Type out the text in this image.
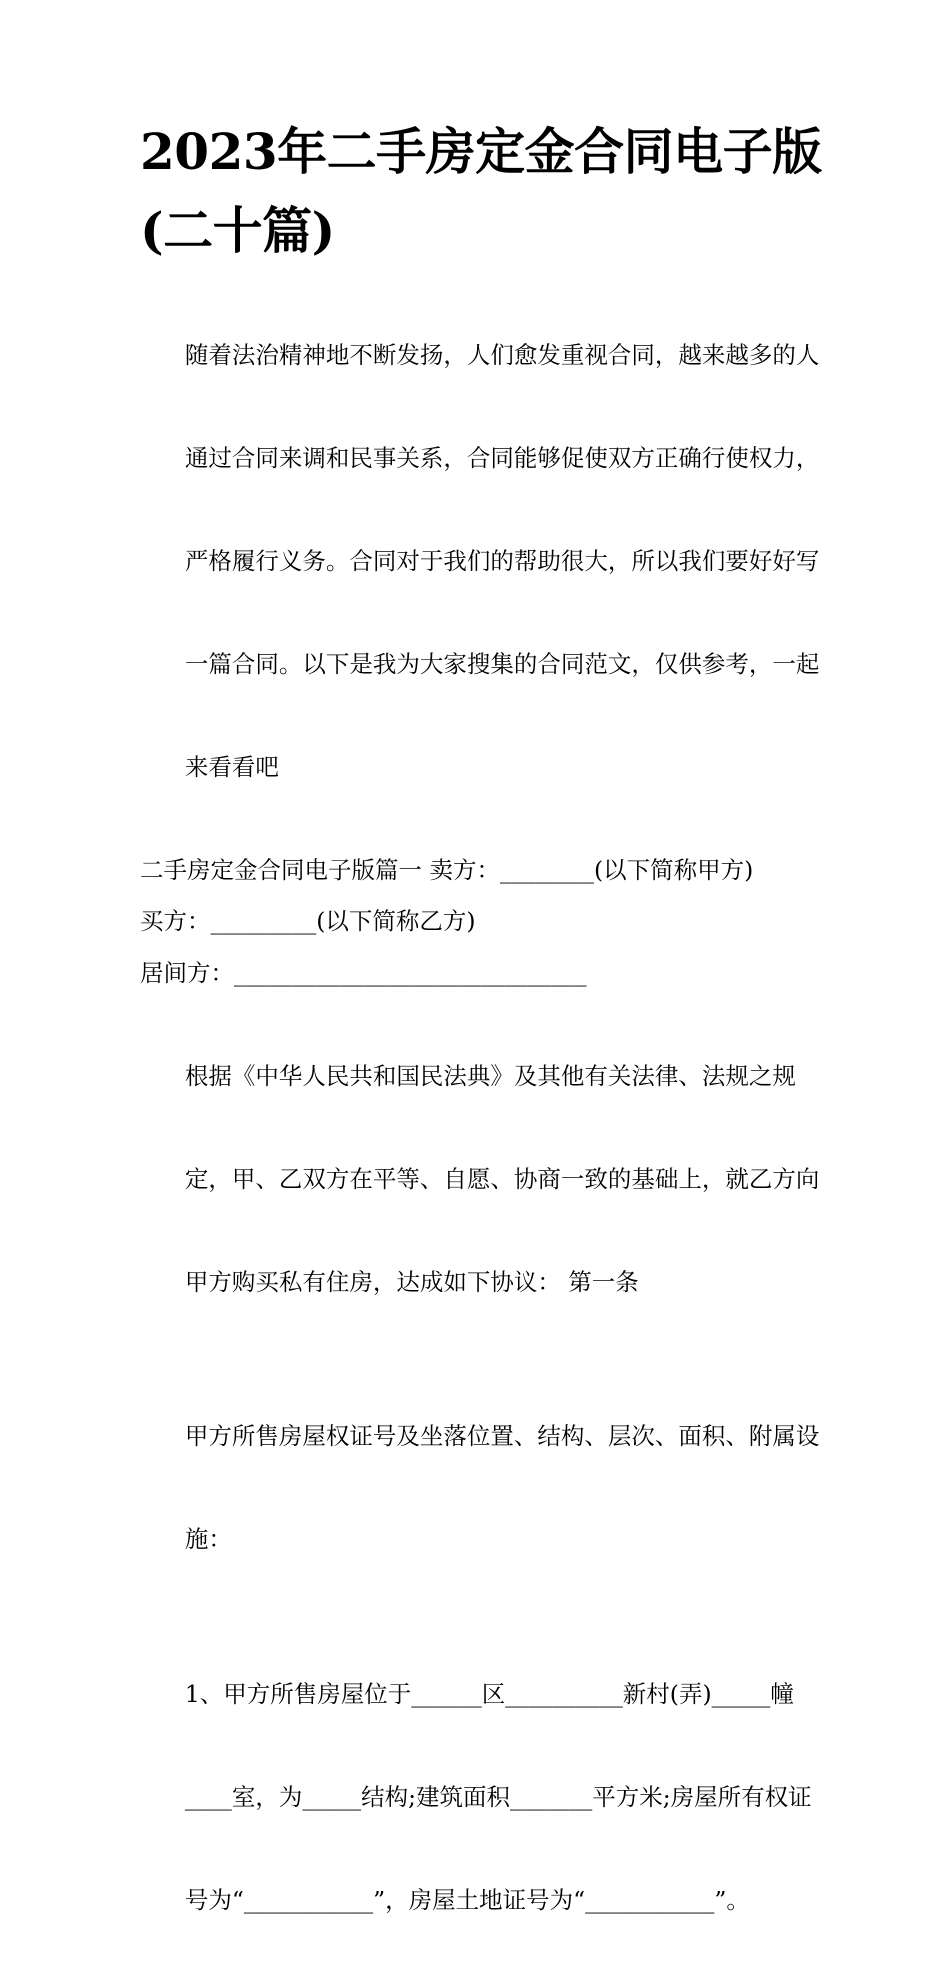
2023年二手房定金合同电子版
(二十篇)

随着法治精神地不断发扬，人们愈发重视合同，越来越多的人

通过合同来调和民事关系，合同能够促使双方正确行使权力，

严格履行义务。合同对于我们的帮助很大，所以我们要好好写

一篇合同。以下是我为大家搜集的合同范文，仅供参考，一起

来看看吧

二手房定金合同电子版篇一 卖方：________(以下简称甲方)

买方：_________(以下简称乙方)

居间方：______________________________

根据《中华人民共和国民法典》及其他有关法律、法规之规

定，甲、乙双方在平等、自愿、协商一致的基础上，就乙方向

甲方购买私有住房，达成如下协议： 第一条

甲方所售房屋权证号及坐落位置、结构、层次、面积、附属设

施：

1、甲方所售房屋位于______区__________新村(弄)_____幢

____室，为_____结构;建筑面积_______平方米;房屋所有权证

号为“___________”，房屋土地证号为“___________”。
